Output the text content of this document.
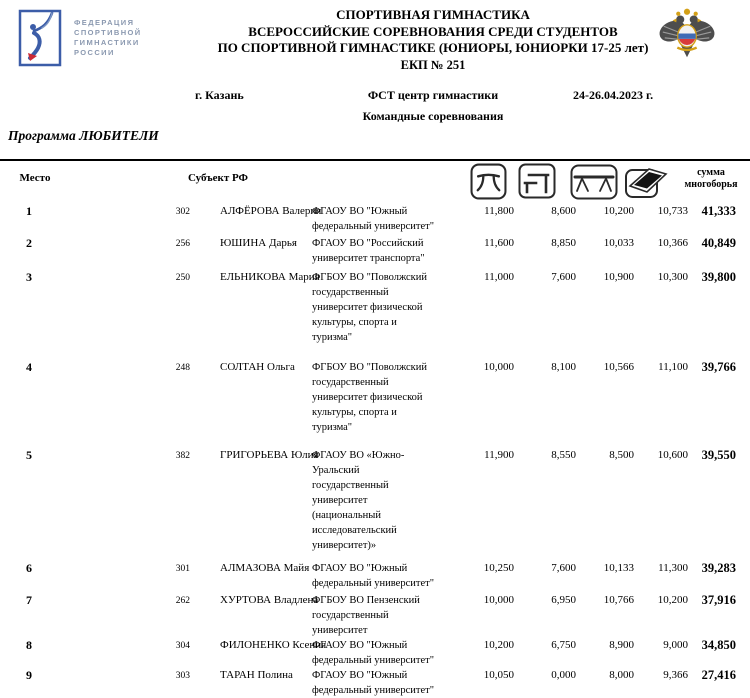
ФЕДЕРАЦИЯ
СПОРТИВНОЙ
ГИМНАСТИКИ
РОССИИ
СПОРТИВНАЯ ГИМНАСТИКА
ВСЕРОССИЙСКИЕ СОРЕВНОВАНИЯ СРЕДИ СТУДЕНТОВ
ПО СПОРТИВНОЙ ГИМНАСТИКЕ (ЮНИОРЫ, ЮНИОРКИ 17-25 лет)
ЕКП № 251
г. Казань	ФСТ центр гимнастики	24-26.04.2023 г.
Командные соревнования
Программа ЛЮБИТЕЛИ
Место	Субъект РФ	сумма
многоборья
1	302	АЛФЁРОВА Валерия
ФГАОУ ВО "Южный федеральный университет"
11,800	8,600	10,200	10,733	41,333
2	256	ЮШИНА Дарья	ФГАОУ ВО "Российский университет транспорта"
11,600	8,850	10,033	10,366	40,849
3	250	ЕЛЬНИКОВА Мария
ФГБОУ ВО "Поволжский государственный университет физической культуры, спорта и туризма"
11,000	7,600	10,900	10,300	39,800
4	248	СОЛТАН Ольга	ФГБОУ ВО "Поволжский государственный университет физической культуры, спорта и туризма"
10,000	8,100	10,566	11,100	39,766
5	382	ГРИГОРЬЕВА Юлия
ФГАОУ ВО «Южно-Уральский государственный университет (национальный исследовательский университет)»
11,900	8,550	8,500	10,600	39,550
6	301	АЛМАЗОВА Майя ФГАОУ ВО "Южный федеральный университет"
10,250	7,600	10,133	11,300	39,283
7	262	ХУРТОВА Владлена
ФГБОУ ВО Пензенский государственный университет
10,000	6,950	10,766	10,200	37,916
8	304	ФИЛОНЕНКО Ксения
ФГАОУ ВО "Южный федеральный университет"
10,200	6,750	8,900	9,000	34,850
9	303	ТАРАН Полина	ФГАОУ ВО "Южный федеральный университет"
10,050	0,000	8,000	9,366	27,416
